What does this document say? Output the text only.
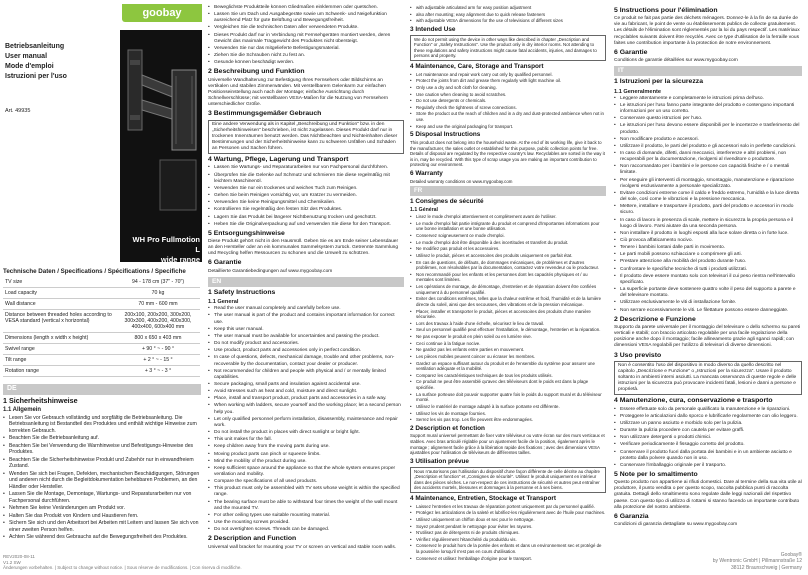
Betriebsanleitung
User manual
Mode d'emploi
Istruzioni per l'uso
Art. 49935
WH Pro Fullmotion L
wide range
goobay
Technische Daten / Specifications / Spécifications / Specifiche
TV size	94 - 178 cm (37" - 70")
Load capacity	70 kg
Wall distance	70 mm - 600 mm
Distance between threaded holes according to VESA standard (vertical x horizontal)	200x100, 200x200, 300x200, 300x300, 400x200, 400x300, 400x400, 600x400 mm
Dimensions (length x width x height)	800 x 650 x 403 mm
Swivel range	+ 90 ° ~ - 90 °
Tilt range	+ 2 ° ~ - 15 °
Rotation range	+ 3 ° ~ - 3 °
DE
1 Sicherheitshinweise
1.1 Allgemein

• Lesen Sie vor Gebrauch vollständig und sorgfältig die Betriebsanleitung. Die Betriebsanleitung ist Bestandteil des Produktes und enthält wichtige Hinweise zum korrekten Gebrauch.

• Beachten Sie die Betriebsanleitung auf.

• Beachten Sie bei Verwendung die Warnhinweise und Befestigungs-Hinweise des Produktes.

• Beachten Sie die Sicherheitshinweise Produkt und Zubehör nur in einwandfreiem Zustand.

• Wenden Sie sich bei Fragen, Defekten, mechanischen Beschädigungen, Störungen und anderen nicht durch die Begleitdokumentation behebbaren Problemen, an den Händler oder Hersteller.

• Lassen Sie die Montage, Demontage, Wartungs- und Reparaturarbeiten nur von Fachpersonal durchführen.

• Nehmen Sie keine Veränderungen am Produkt vor.

• Halten Sie das Produkt von Kindern und Haustieren fern.

• Sichern Sie sich und den Arbeitsort bei Arbeiten mit Leitern und lassen Sie sich von einer zweiten Person helfen.

• Achten Sie während des Gebrauchs auf die Bewegungsfreiheit des Produktes.

REV2020-08-11
V1.2 SW
Änderungen vorbehalten. | Subject to change without notice. | Sous réserve de modifications. | Con riserva di modifiche.

• Beweglichste Produktteile können Gliedmaßen einklemmen oder quetschen.

• Lassen Sie um Dach und Ausgabegeräte sowie um Schwenk- und Neigefunktion ausreichend Platz für gute Belüftung und Bewegungsfreiheit.

• Vergleichen Sie die technischen Daten aller verwendeten Produkte.

• Dieses Produkt darf nur in Verbindung mit Fernsehgeräten montiert werden, deren Gewicht das maximale Traggewicht des Produktes nicht übersteigt.

• Verwenden Sie nur das mitgelieferte Befestigungsmaterial.

• Ziehen Sie die Schrauben nicht zu fest an.

• Gesunde können beschädigt werden.

2 Beschreibung und Funktion

Universelle Wandhalterung zur Befestigung Ihres Fernsehers oder Bildschirms an vertikalen und stabilen Zimmerwänden. Mit verstellbarem Gelenkarm zur einfachen Positionseinstellung auch nach der Montage; einfache Ausrichtung durch Schnellverschlüsse; mit verstellbaren VESA-Maßen für die Nutzung von Fernsehern unterschiedlicher Größe.

3 Bestimmungsgemäßer Gebrauch

Eine andere Verwendung als in Kapitel „Beschreibung und Funktion" bzw. in den „Sicherheitshinweisen" beschrieben, ist nicht zugelassen. Dieses Produkt darf nur in trockenen Innenräumen benutzt werden. Das Nichtbeachten und Nichteinhalten dieser Bestimmungen und der Sicherheitshinweise kann zu schweren Unfällen und Schäden an Personen und Sachen führen.

4 Wartung, Pflege, Lagerung und Transport

• Lassen Sie Wartungs- und Reparaturarbeiten nur von Fachpersonal durchführen.

• Überprüfen Sie die Gelenke auf Schmutz und schmieren Sie diese regelmäßig mit leichtem Maschinenöl.

• Verwenden Sie nur ein trockenes und weiches Tuch zum Reinigen.

• Gehen Sie beim Reinigen vorsichtig vor, um Kratzer zu vermeiden.

• Verwenden Sie keine Reinigungsmittel und Chemikalien.

• Kontrollieren Sie regelmäßig den festen Sitz des Produktes.

• Lagern Sie das Produkt bei längerer Nichtbenutzung trocken und geschützt.

• Heben Sie die Originalverpackung auf und verwenden Sie diese für den Transport.

5 Entsorgungshinweise

Diese Produkt gehört nicht in den Hausmüll. Geben Sie es am Ende seiner Lebensdauer an den Hersteller oder an ein kommunales Sammelsystem zurück. Getrennte Sammlung und Recycling helfen Ressourcen zu schonen und die Umwelt zu schützen.

6 Garantie

Detaillierte Garantiebedingungen auf www.mygoobay.com

EN
1 Safety Instructions
1.1 General

• Read the user manual completely and carefully before use.

• The user manual is part of the product and contains important information for correct use.

• Keep this user manual.

• The user manual must be available for uncertainties and passing the product.

• Do not modify product and accessories.

• Use product, product parts and accessories only in perfect condition.

• In case of questions, defects, mechanical damage, trouble and other problems, non-recoverable by the documentation, contact your dealer or producer.

• Not recommended for children and people with physical and / or mentally limited capabilities.

• Secure packaging, small parts and insulation against accidental use.

• Avoid stresses such as heat and cold, moisture and direct sunlight.

• Place, install and transport product, product parts and accessories in a safe way.

• When working with ladders, secure yourself and the working place; let a second person help you.

• Let only qualified personnel perform installation, disassembly, maintenance and repair work.

• Do not install the product in places with direct sunlight or bright light.

• This unit makes for the fall.

• Keep children away from the moving parts during use.

• Moving product parts can pinch or squeeze limbs.

• Mind the mobility of the product during use.

• Keep sufficient space around the appliance so that the whole system ensures proper ventilation and mobility.

• Compare the specifications of all used products.

• This product must only be assembled with TV sets whose weight is within the specified range.

• The bearing surface must be able to withstand four times the weight of the wall mount and the mounted TV.

• For other ceiling types use suitable mounting material.

• Use the mounting screws provided.

• Do not overtighten screws. Threads can be damaged.

2 Description and Function

Universal wall bracket for mounting your TV or screen on vertical and stable room walls.

• with adjustable articulated arm for easy position adjustment

• also after mounting; easy alignment due to quick release fasteners

• with adjustable VESA dimensions for the use of televisions of different sizes

3 Intended Use

We do not permit using the device in other ways like described in chapter „Description and Function" or „Safety Instructions". Use the product only in dry interior rooms. Not attending to these regulations and safety instructions might cause fatal accidents, injuries, and damages to persons and property.

4 Maintenance, Care, Storage and Transport

• Let maintenance and repair work carry out only by qualified personnel.

• Protect the joints from dirt and grease them regularly with light machine oil.

• Only use a dry and soft cloth for cleaning.

• Use caution when cleaning to avoid scratches.

• Do not use detergents or chemicals.

• Regularly check the tightness of screw connections.

• Store the product out the reach of children and in a dry and dust-protected ambience when not in use.

• Keep and use the original packaging for transport.

5 Disposal Instructions

This product does not belong into the household waste. At the end of its working life, give it back to the manufacturer, the sales outlet or established for this purpose, public collection points for free. Details of disposal are regulated by the respective country's law. Recyclables are sorted in the way it is in, may be recycled. With this type of scrap usage you are making an important contribution to protecting our environment.

6 Warranty

Detailed warranty conditions on www.mygoobay.com

FR
1 Consignes de sécurité
1.1 Général

• Lisez le mode d'emploi attentivement et complètement avant de l'utiliser.

• Le mode d'emploi fait partie intégrante du produit et comprend d'importantes informations pour une bonne installation et une bonne utilisation.

• Conservez soigneusement ce mode d'emploi.

• Le mode d'emploi doit être disponible à des incertitudes et transfert du produit.

• Ne modifiez pas produit et les accessoires.

• Utilisez le produit, pièces et accessoires des produits uniquement en parfait état.

• En cas de questions, de défauts, de dommages mécaniques, de problèmes et d'autres problèmes, non résolvables par la documentation, contactez votre revendeur ou le producteur.

• Non recommandé pour les enfants et les personnes dont les capacités physiques et / ou mentales sont limitées.

• Les opérations de montage, de démontage, d'entretien et de réparation doivent être confiées uniquement à du personnel qualifié.

• Eviter des conditions extrêmes, telles que la chaleur extrême et froid, l'humidité et de la lumière directe du soleil, ainsi que des secousses, des vibrations et de la pression mécanique.

• Placer, installer et transporter le produit, pièces et accessoires des produits d'une manière sécurisée.

• Lors des travaux à l'aide d'une échelle, sécurisez le lieu de travail.

• Seul un personnel qualifié peut effectuer l'installation, le démontage, l'entretien et la réparation.

• Ne pas exposer le produit en plein soleil ou en lumière vive.

• Ceci continue à la fatigue nocive.

• Ne gardez pas les enfants entre parties en mouvement.

• Les pièces mobiles peuvent coincer ou écraser les membres.

• Gardez un espace suffisant autour du produit et de l'ensemble du système pour assurer une ventilation adéquate et la mobilité.

• Comparez les caractéristiques techniques de tous les produits utilisés.

• Ce produit ne peut être assemblé qu'avec des téléviseurs dont le poids est dans la plage spécifiée.

• La surface porteuse doit pouvoir supporter quatre fois le poids du support mural et du téléviseur monté.

• Utilisez le matériel de montage adapté à la surface portante est différente.

• Utilisez les vis de montage fournies.

• Serrez les vis pas trop. Les file peuvent être endommagées.

2 Description et fonction

Support mural universel permettant de fixer votre téléviseur ou votre écran sur des murs verticaux et stables. Avec bras articulé réglable pour un ajustement facile de la position, également après le montage ; alignement facile grâce à la libération rapide des fixations ; avec des dimensions VESA ajustables pour l'utilisation de téléviseurs de différentes tailles.

3 Utilisation prévue

Nous n'autorisons pas l'utilisation du dispositif d'une façon différente de celle décrite au chapitre „Description et fonction" et „Consignes de sécurité". Utilisez le produit uniquement en intérieur dans des pièces sèches. Le non-respect de ces instructions de sécurité et autres peut entraîner des accidents mortels, blessures et dommages à la personne et à ses biens.

4 Maintenance, Entretien, Stockage et Transport

• Laissez l'entretien et les travaux de réparation portent uniquement par du personnel qualifié.

• Protégez les articulations de la saleté et lubrifiez-les régulièrement avec de l'huile pour machines.

• Utilisez uniquement un chiffon doux et sec pour le nettoyage.

• Soyez prudent pendant le nettoyage pour éviter les rayures.

• N'utilisez pas de détergents ni de produits chimiques.

• Vérifiez régulièrement l'étanchéité du produit/du vis.

• Conservez le produit hors de la portée des enfants et dans un environnement sec et protégé de la poussière lorsqu'il n'est pas en cours d'utilisation.

• Conservez et utilisez l'emballage d'origine pour le transport.

5 Instructions pour l'élimination

Ce produit ne fait pas partie des déchets ménagers. Donnez-le à la fin de sa durée de vie au fabricant, le point de vente ou établissements publics de collecte gratuitement. Les détails de l'élimination sont réglementés par la loi du pays respectif. Les matériaux recyclables suivants doivent être recyclés. Avec ce type d'utilisation de la ferraille vous faites une contribution importante à la protection de notre environnement.

6 Garantie

Conditions de garantie détaillées sur www.mygoobay.com

IT
1 Istruzioni per la sicurezza
1.1 Generalmente

• Leggere attentamente e completamente le istruzioni prima dell'uso.

• Le istruzioni per l'uso fanno parte integrante del prodotto e contengono importanti informazioni per un uso corretto.

• Conservare questo istruzioni per l'uso.

• Le istruzioni per l'uso devono essere disponibili per le incertezze e trasferimento del prodotto.

• Non modificare prodotto e accessori.

• Utilizzare il prodotto, le parti del prodotto e gli accessori solo in perfette condizioni.

• In caso di domande, difetti, danni meccanici, interferenze e altri problemi, non recuperabili per la documentazione, rivolgersi al rivenditore o produttore.

• Non raccomandato per i bambini e le persone con capacità fisiche e / o mentali limitate.

• Per eseguire gli interventi di montaggio, smontaggio, manutenzione e riparazione rivolgersi esclusivamente a personale specializzato.

• Evitare condizioni estreme come il caldo e freddo estremo, l'umidità e la luce diretta del sole, così come le vibrazioni e la pressione meccanica.

• Mettere, installare e trasportare il prodotto, parti del prodotto e accessori in modo sicuro.

• In caso di lavoro in presenza di scale, mettere in sicurezza la propria persona e il luogo di lavoro. Farsi aiutare da una seconda persona.

• Non installare il prodotto in luoghi esposti alla luce solare diretta o in forte luce.

• Ciò provoca affaticamento nocivo.

• Tenere i bambini lontani dalle parti in movimento.

• Le parti mobili possono schiacciare o comprimere gli arti.

• Prestare attenzione alla mobilità del prodotto durante l'uso.

• Confrontare le specifiche tecniche di tutti i prodotti utilizzati.

• Il prodotto deve essere montato solo con televisori il cui peso rientra nell'intervallo specificato.

• La superficie portante deve sostenere quattro volte il peso del supporto a parete e del televisore montato.

• Utilizzare esclusivamente le viti di installazione fornite.

• Non serrare eccessivamente le viti. Le filettature possono essere danneggiate.

2 Descrizione e Funzione

Supporto da parete universale per il montaggio del televisore o dello schermo su pareti verticali e stabili; con braccio articolato regolabile per una facile regolazione della posizione anche dopo il montaggio; facile allineamento grazie agli sganci rapidi; con dimensioni VESA regolabili per l'utilizzo di televisori di diverse dimensioni.

3 Uso previsto

Non è consentito l'uso del dispositivo in modo diverso da quello descritto nel capitolo „Descrizione e Funzione" o „Istruzioni per la sicurezza". Usare il prodotto soltanto in ambienti interni asciutti. La mancata osservanza di queste regole e delle istruzioni per la sicurezza può provocare incidenti fatali, lesioni e danni a persone e proprietà.

4 Manutenzione, cura, conservazione e trasporto

• Essere effettuate solo da personale qualificato la manutenzione e le riparazioni.

• Proteggere le articolazioni dallo sporco e lubrificarle regolarmente con olio leggero.

• Utilizzare un panno asciutto e morbido solo per la pulizia.

• Durante la pulizia procedere con cautela per evitare graffi.

• Non utilizzare detergenti o prodotti chimici.

• Verificare periodicamente il fissaggio corretto del prodotto.

• Conservare il prodotto fuori dalla portata dei bambini e in un ambiente asciutto e protetto dalla polvere quando non in uso.

• Conservare l'imballaggio originale per il trasporto.

5 Note per lo smaltimento

Questo prodotto non appartiene ai rifiuti domestici. Dare al termine della sua vita utile al produttore, il punto vendita o per questo scopo, raccolta pubblica punti di raccolta gratuita. Dettagli dello smaltimento sono regolate dalle leggi nazionali del rispettivo paese. Con questo tipo di utilizzo di rottami si stanno facendo un importante contributo alla protezione del nostro ambiente.

6 Garanzia

Condizioni di garanzia dettagliate su www.mygoobay.com

Goobay®
by Wentronic GmbH | Pillmannstraße 12
38112 Braunschweig | Germany
